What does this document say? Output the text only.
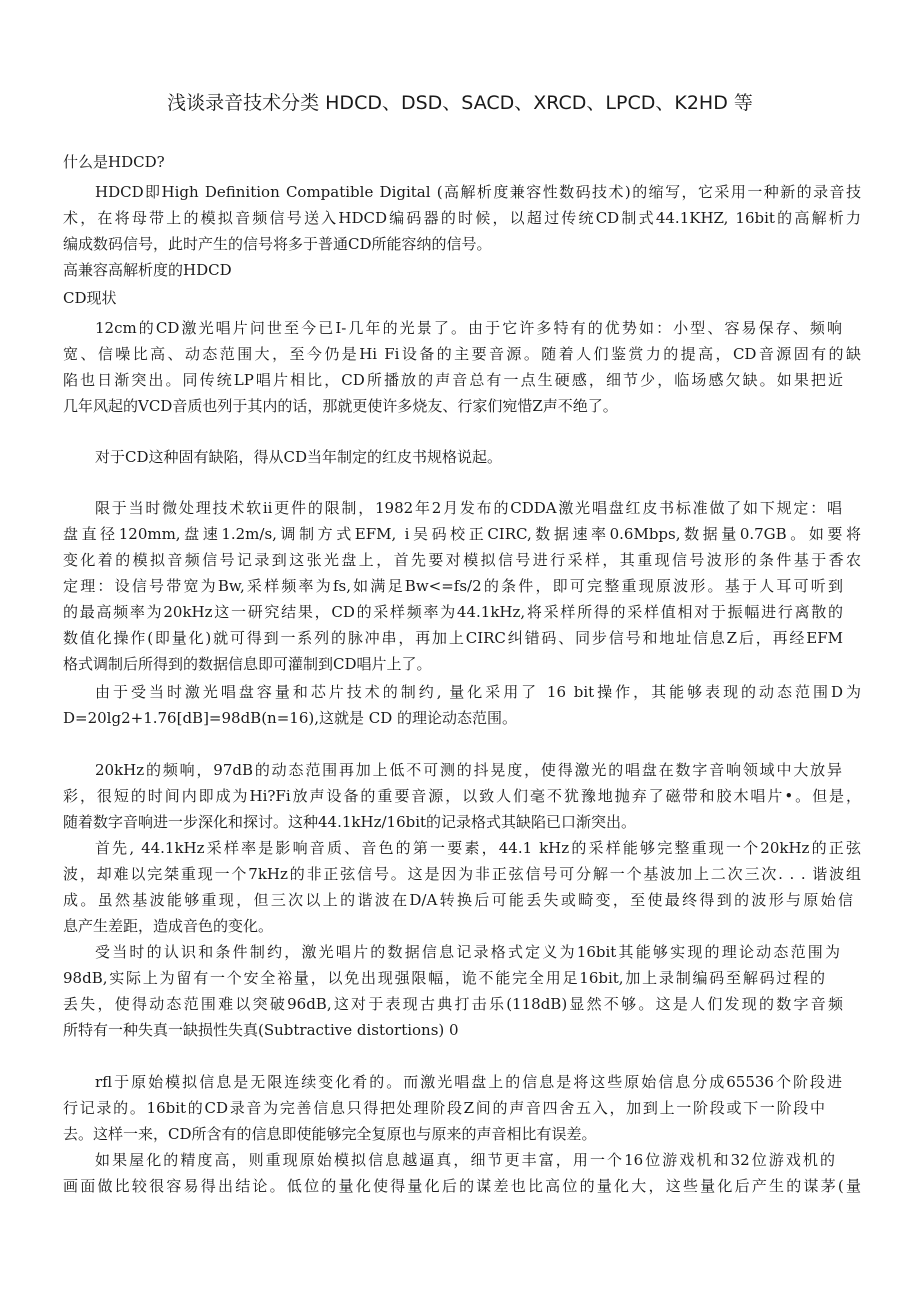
浅谈录音技术分类 HDCD、DSD、SACD、XRCD、LPCD、K2HD 等
什么是HDCD?
HDCD即High Definition Compatible Digital (高解析度兼容性数码技术)的缩写，它采用一种新的录音技
术，在将母带上的模拟音频信号送入HDCD编码器的时候，以超过传统CD制式44.1KHZ, 16bit的高解析力
编成数码信号，此时产生的信号将多于普通CD所能容纳的信号。
高兼容高解析度的HDCD
CD现状
12cm的CD激光唱片问世至今已I-几年的光景了。由于它许多特有的优势如：小型、容易保存、频响
宽、信噪比高、动态范围大，至今仍是Hi Fi设备的主要音源。随着人们鉴赏力的提高，CD音源固有的缺
陷也日渐突出。同传统LP唱片相比，CD所播放的声音总有一点生硬感，细节少，临场感欠缺。如果把近
几年风起的VCD音质也列于其内的话，那就更使许多烧友、行家们宛惜Z声不绝了。
对于CD这种固有缺陷，得从CD当年制定的红皮书规格说起。
限于当时微处理技术软ii更件的限制，1982年2月发布的CDDA激光唱盘红皮书标准做了如下规定：唱
盘直径120mm,盘速1.2m/s,调制方式EFM, i吴码校正CIRC,数据速率0.6Mbps,数据量0.7GB。如要将
变化着的模拟音频信号记录到这张光盘上，首先要对模拟信号进行采样，其重现信号波形的条件基于香农
定理：设信号带宽为Bw,采样频率为fs,如满足Bw<=fs/2的条件，即可完整重现原波形。基于人耳可听到
的最高频率为20kHz这一研究结果，CD的采样频率为44.1kHz,将采样所得的采样值相对于振幅进行离散的
数值化操作(即量化)就可得到一系列的脉冲串，再加上CIRC纠错码、同步信号和地址信息Z后，再经EFM
格式调制后所得到的数据信息即可灌制到CD唱片上了。
由于受当时激光唱盘容量和芯片技术的制约, 量化采用了 16 bit操作，其能够表现的动态范围D为
D=20lg2+1.76[dB]=98dB(n=16),这就是 CD 的理论动态范围。
20kHz的频响，97dB的动态范围再加上低不可测的抖晃度，使得激光的唱盘在数字音响领域中大放异
彩，很短的时间内即成为Hi?Fi放声设备的重要音源，以致人们毫不犹豫地抛弃了磁带和胶木唱片•。但是，
随着数字音响进一步深化和探讨。这种44.1kHz/16bit的记录格式其缺陷已口渐突出。
首先, 44.1kHz采样率是影响音质、音色的第一要素，44.1 kHz的采样能够完整重现一个20kHz的正弦
波，却难以完桀重现一个7kHz的非正弦信号。这是因为非正弦信号可分解一个基波加上二次三次. . . 谐波组
成。虽然基波能够重现，但三次以上的谐波在D/A转换后可能丢失或畸变，至使最终得到的波形与原始信
息产生差距，造成音色的变化。
受当时的认识和条件制约，激光唱片的数据信息记录格式定义为16bit其能够实现的理论动态范围为
98dB,实际上为留有一个安全裕量，以免出现强限幅，诡不能完全用足16bit,加上录制编码至解码过程的
丢失，使得动态范围难以突破96dB,这对于表现古典打击乐(118dB)显然不够。这是人们发现的数字音频
所特有一种失真一缺损性失真(Subtractive distortions) 0
rfl于原始模拟信息是无限连续变化肴的。而激光唱盘上的信息是将这些原始信息分成65536个阶段进
行记录的。16bit的CD录音为完善信息只得把处理阶段Z间的声音四舍五入，加到上一阶段或下一阶段中
去。这样一来，CD所含有的信息即使能够完全复原也与原来的声音相比有误差。
如果屋化的精度高，则重现原始模拟信息越逼真，细节更丰富，用一个16位游戏机和32位游戏机的
画面做比较很容易得出结论。低位的量化使得量化后的谋差也比高位的量化大，这些量化后产生的谋茅(量
